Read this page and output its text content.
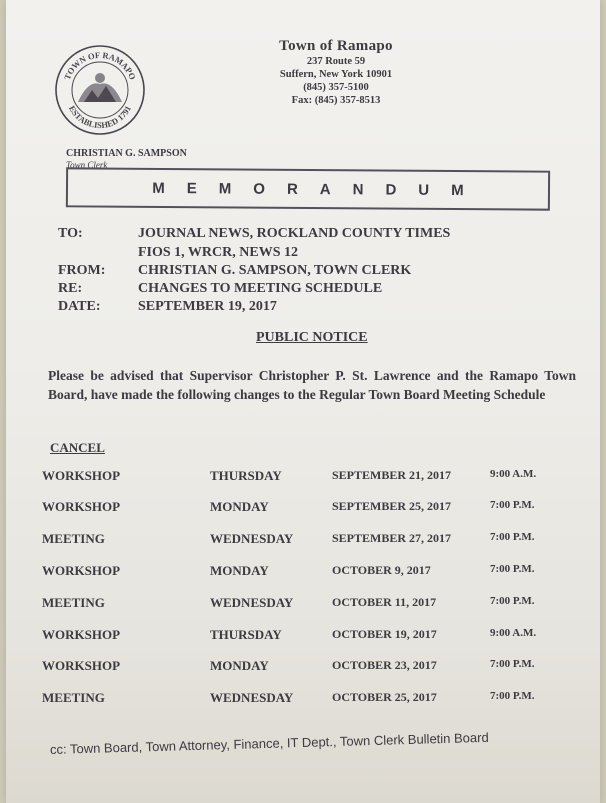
TOWN OF RAMAPO
ESTABLISHED 1791
Town of Ramapo
237 Route 59
Suffern, New York 10901
(845) 357-5100
Fax: (845) 357-8513
CHRISTIAN G. SAMPSON
Town Clerk
MEMORANDUM
TO:	JOURNAL NEWS, ROCKLAND COUNTY TIMES
FIOS 1, WRCR, NEWS 12
FROM: CHRISTIAN G. SAMPSON, TOWN CLERK
RE:	CHANGES TO MEETING SCHEDULE
DATE:	SEPTEMBER 19, 2017
PUBLIC NOTICE
Please be advised that Supervisor Christopher P. St. Lawrence and the Ramapo Town Board, have made the following changes to the Regular Town Board Meeting Schedule
CANCEL
WORKSHOP	THURSDAY	SEPTEMBER 21, 2017	9:00 A.M.
WORKSHOP	MONDAY	SEPTEMBER 25, 2017	7:00 P.M.
MEETING	WEDNESDAY	SEPTEMBER 27, 2017	7:00 P.M.
WORKSHOP	MONDAY	OCTOBER 9, 2017	7:00 P.M.
MEETING	WEDNESDAY	OCTOBER 11, 2017	7:00 P.M.
WORKSHOP	THURSDAY	OCTOBER 19, 2017	9:00 A.M.
WORKSHOP	MONDAY	OCTOBER 23, 2017	7:00 P.M.
MEETING	WEDNESDAY	OCTOBER 25, 2017	7:00 P.M.
cc: Town Board, Town Attorney, Finance, IT Dept., Town Clerk Bulletin Board
